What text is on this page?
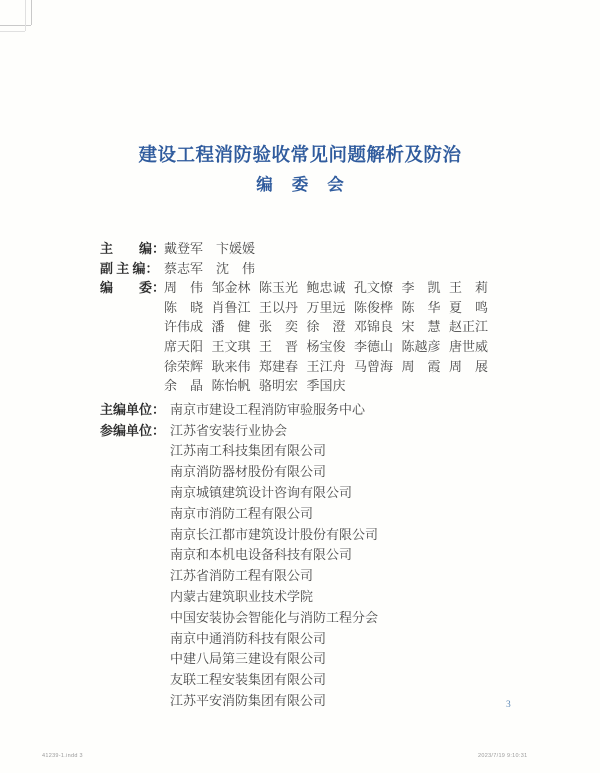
建设工程消防验收常见问题解析及防治
编委会
主　　编：
戴登军　卞媛媛
副 主 编： 蔡志军　沈　伟
编　　委：
周　伟 邹金林 陈玉光 鲍忠诚 孔文憭 李　凯 王　莉
陈　晓 肖鲁江 王以丹 万里远 陈俊桦 陈　华 夏　鸣
许伟成 潘　健 张　奕 徐　澄 邓锦良 宋　慧 赵正江
席天阳 王文琪 王　晋 杨宝俊 李德山 陈越彦 唐世威
徐荣辉 耿来伟 郑建春 王江舟 马曾海 周　霞 周　展
余　晶 陈怡帆 骆明宏 季国庆
主编单位： 南京市建设工程消防审验服务中心
参编单位： 江苏省安装行业协会
江苏南工科技集团有限公司
南京消防器材股份有限公司
南京城镇建筑设计咨询有限公司
南京市消防工程有限公司
南京长江都市建筑设计股份有限公司
南京和本机电设备科技有限公司
江苏省消防工程有限公司
内蒙古建筑职业技术学院
中国安装协会智能化与消防工程分会
南京中通消防科技有限公司
中建八局第三建设有限公司
友联工程安装集团有限公司
江苏平安消防集团有限公司	3
41239-1.indd 3	2023/7/19 9:10:31
